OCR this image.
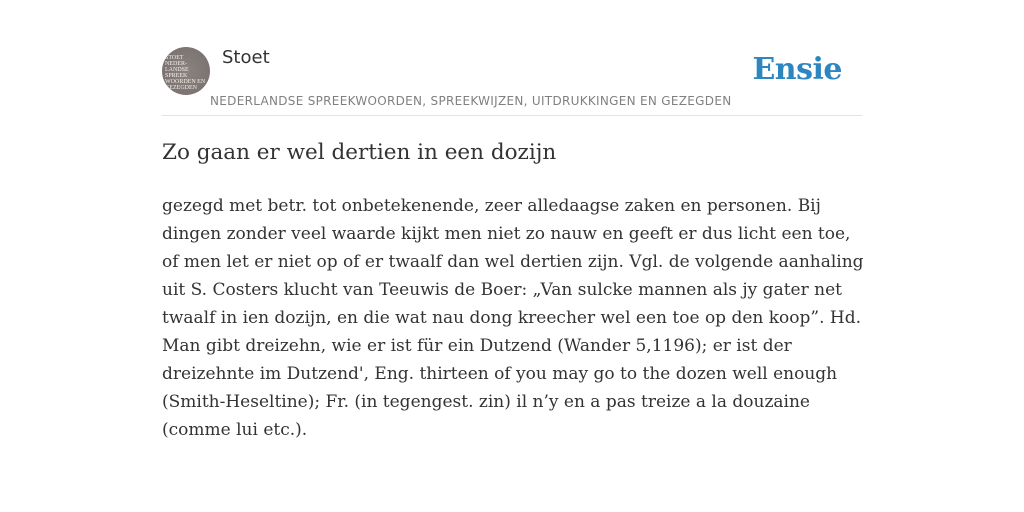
STOET
NEDER-
LANDSE
SPREEK
WOORDEN EN
GEZEGDEN
Stoet	Ensie
NEDERLANDSE SPREEKWOORDEN, SPREEKWIJZEN, UITDRUKKINGEN EN GEZEGDEN
Zo gaan er wel dertien in een dozijn
gezegd met betr. tot onbetekenende, zeer alledaagse zaken en personen. Bij
dingen zonder veel waarde kijkt men niet zo nauw en geeft er dus licht een toe,
of men let er niet op of er twaalf dan wel dertien zijn. Vgl. de volgende aanhaling
uit S. Costers klucht van Teeuwis de Boer: „Van sulcke mannen als jy gater net
twaalf in ien dozijn, en die wat nau dong kreecher wel een toe op den koop”. Hd.
Man gibt dreizehn, wie er ist für ein Dutzend (Wander 5,1196); er ist der
dreizehnte im Dutzend', Eng. thirteen of you may go to the dozen well enough
(Smith-Heseltine); Fr. (in tegengest. zin) il n’y en a pas treize a la douzaine
(comme lui etc.).
